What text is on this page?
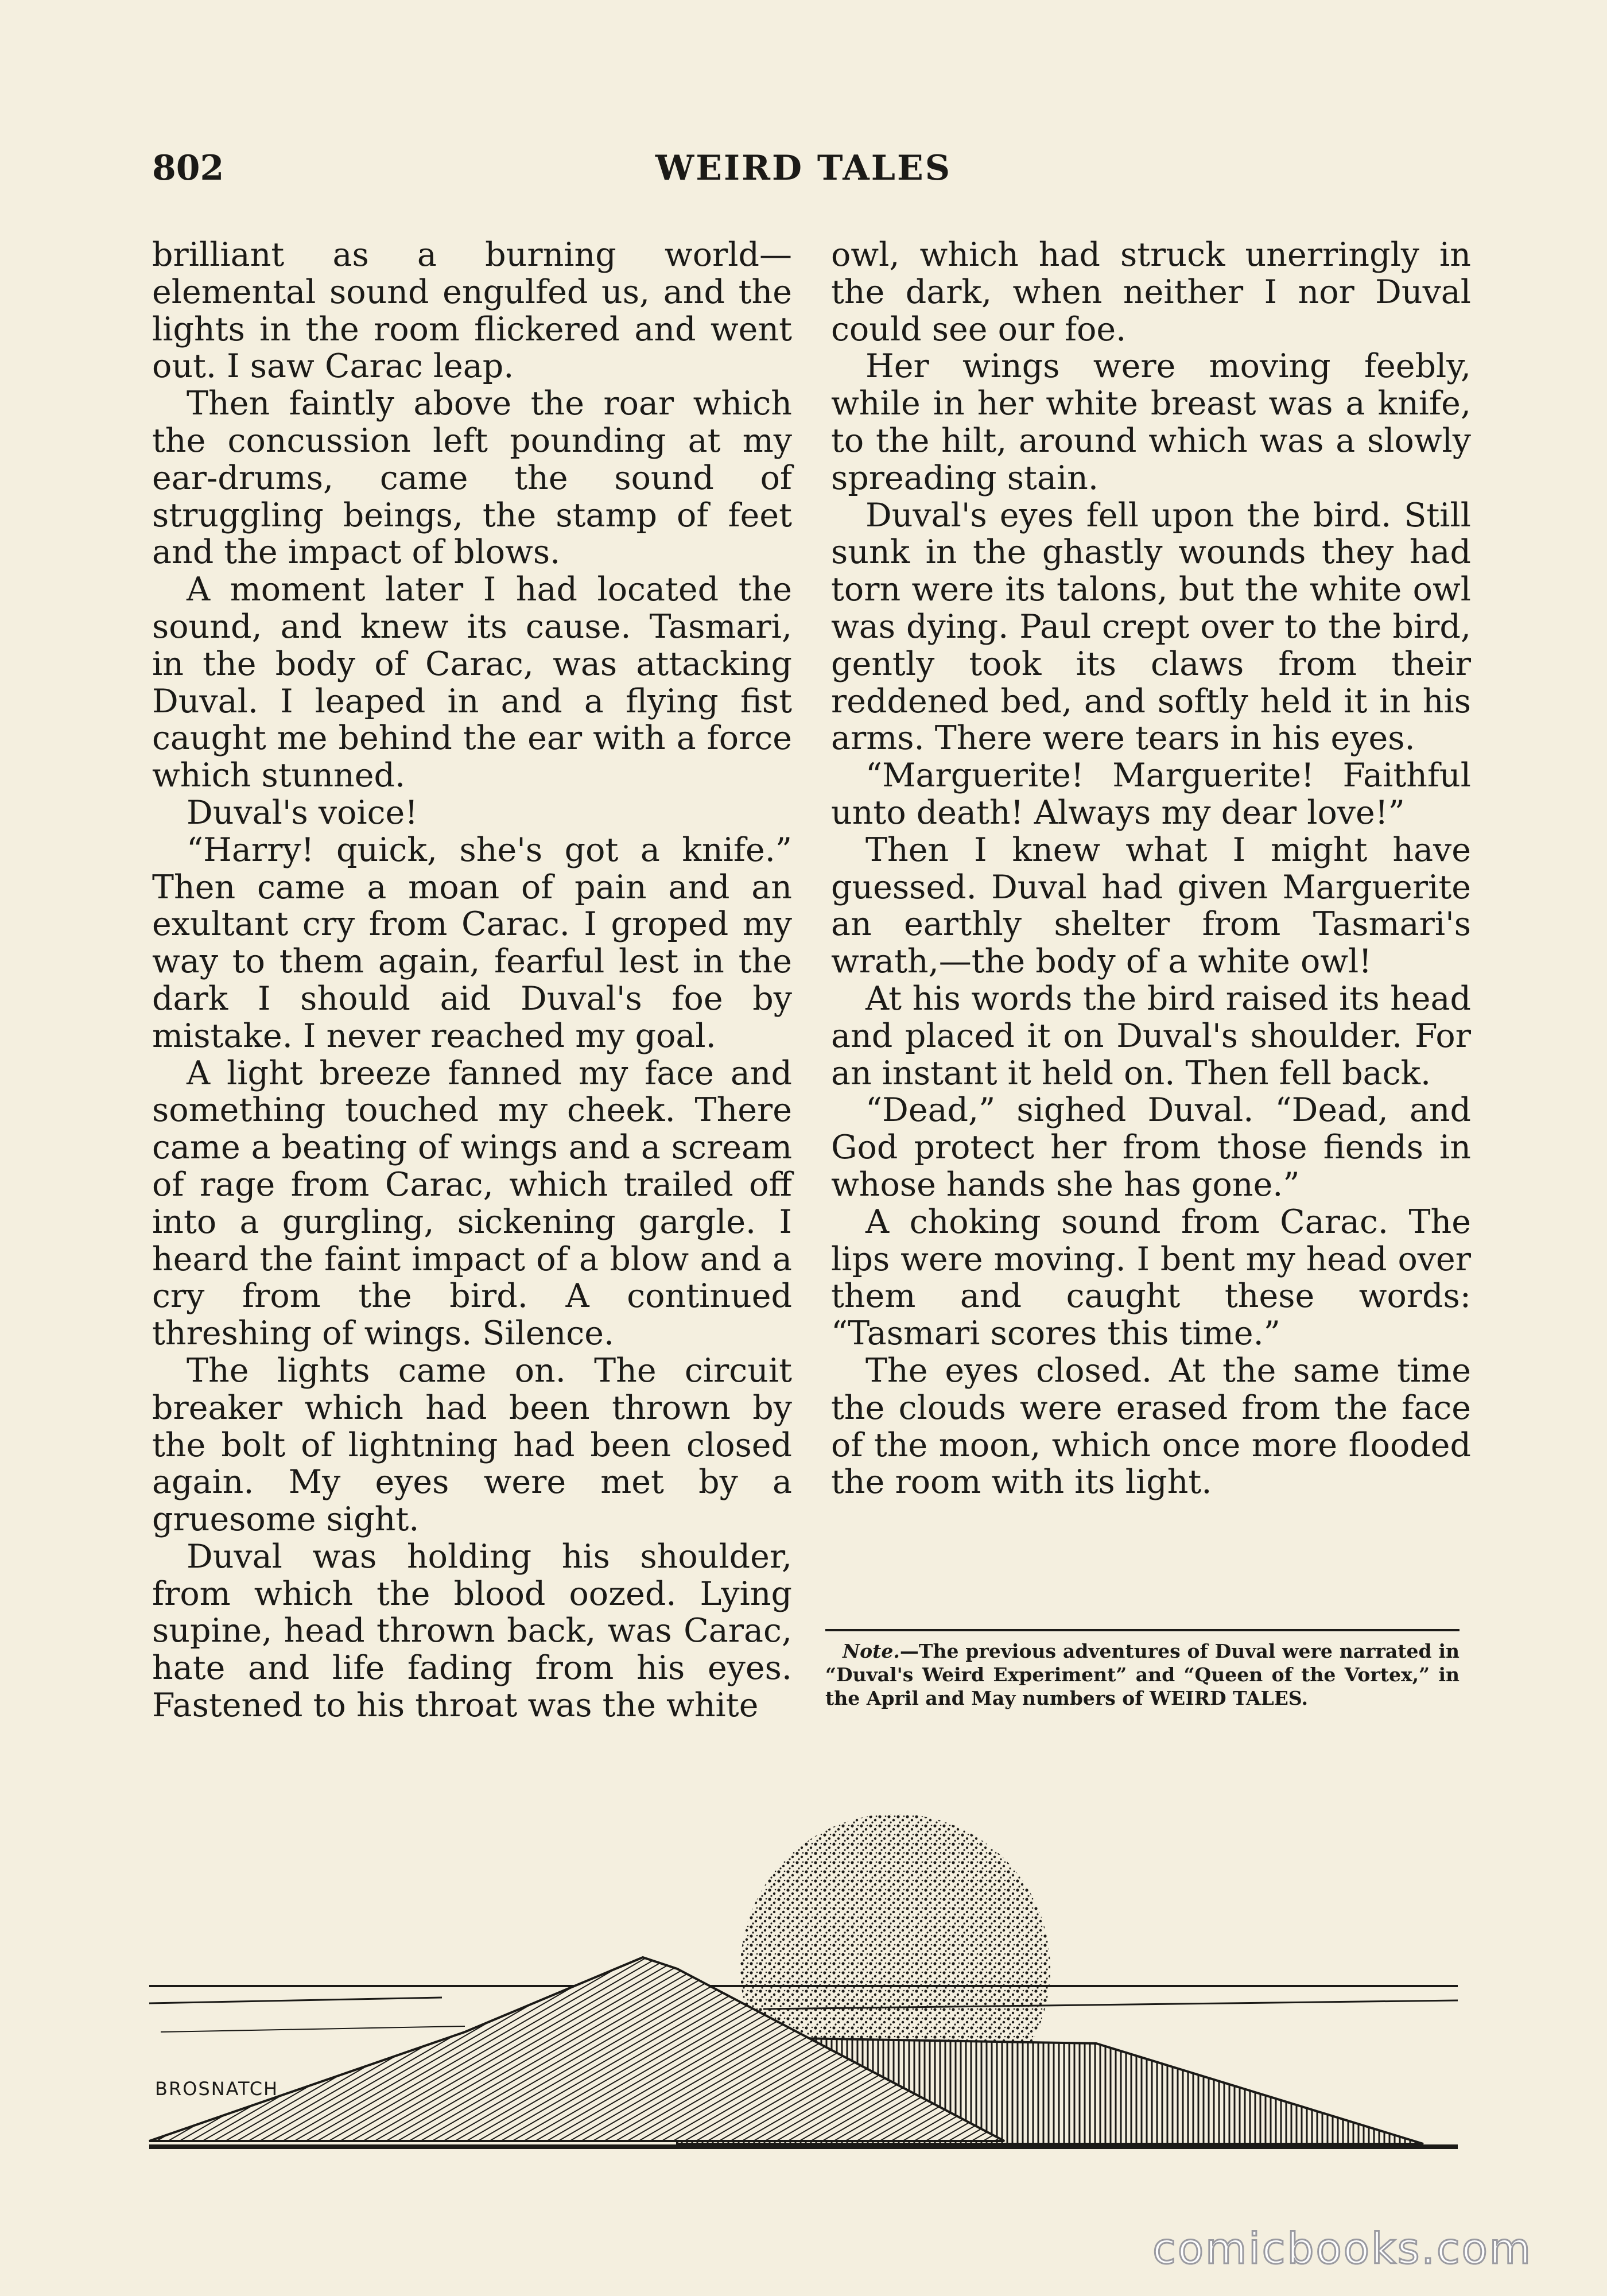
802	WEIRD TALES

brilliant as a burning world—elemental sound engulfed us, and the lights in the room flickered and went out. I saw Carac leap.

Then faintly above the roar which the concussion left pounding at my ear-drums, came the sound of struggling beings, the stamp of feet and the impact of blows.

A moment later I had located the sound, and knew its cause. Tasmari, in the body of Carac, was attacking Duval. I leaped in and a flying fist caught me behind the ear with a force which stunned.

Duval's voice!

“Harry! quick, she's got a knife.” Then came a moan of pain and an exultant cry from Carac. I groped my way to them again, fearful lest in the dark I should aid Duval's foe by mistake. I never reached my goal.

A light breeze fanned my face and something touched my cheek. There came a beating of wings and a scream of rage from Carac, which trailed off into a gurgling, sickening gargle. I heard the faint impact of a blow and a cry from the bird. A continued threshing of wings. Silence.

The lights came on. The circuit breaker which had been thrown by the bolt of lightning had been closed again. My eyes were met by a gruesome sight.

Duval was holding his shoulder, from which the blood oozed. Lying supine, head thrown back, was Carac, hate and life fading from his eyes. Fastened to his throat was the white

owl, which had struck unerringly in the dark, when neither I nor Duval could see our foe.

Her wings were moving feebly, while in her white breast was a knife, to the hilt, around which was a slowly spreading stain.

Duval's eyes fell upon the bird. Still sunk in the ghastly wounds they had torn were its talons, but the white owl was dying. Paul crept over to the bird, gently took its claws from their reddened bed, and softly held it in his arms. There were tears in his eyes.

“Marguerite! Marguerite! Faithful unto death! Always my dear love!”

Then I knew what I might have guessed. Duval had given Marguerite an earthly shelter from Tasmari's wrath,—the body of a white owl!

At his words the bird raised its head and placed it on Duval's shoulder. For an instant it held on. Then fell back.

“Dead,” sighed Duval. “Dead, and God protect her from those fiends in whose hands she has gone.”

A choking sound from Carac. The lips were moving. I bent my head over them and caught these words: “Tasmari scores this time.”

The eyes closed. At the same time the clouds were erased from the face of the moon, which once more flooded the room with its light.

Note.—The previous adventures of Duval were narrated in “Duval's Weird Experiment” and “Queen of the Vortex,” in the April and May numbers of WEIRD TALES.

BROSNATCH
comicbooks.com
